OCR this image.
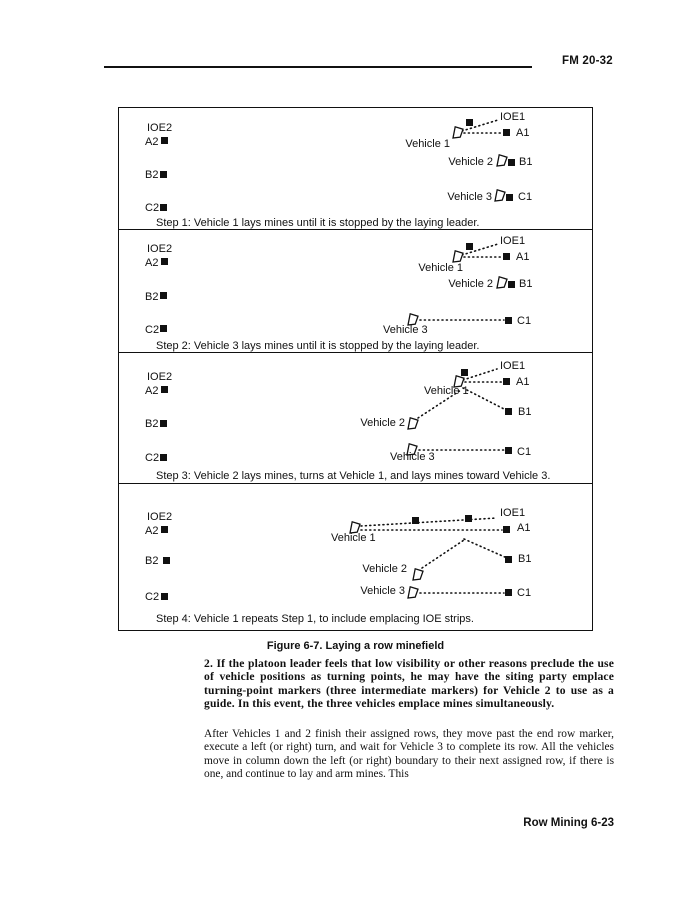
FM 20-32
IOE2
A2
B2
C2
IOE1
A1
Vehicle 1
Vehicle 2 B1
Vehicle 3 C1
Step 1: Vehicle 1 lays mines until it is stopped by the laying leader.
IOE2
A2
B2
C2
IOE1
A1
Vehicle 1
Vehicle 2 B1
Vehicle 3
C1
Step 2: Vehicle 3 lays mines until it is stopped by the laying leader.
IOE2
A2
B2
C2
IOE1
A1
Vehicle 1
Vehicle 2
B1
Vehicle 3	C1
Step 3: Vehicle 2 lays mines, turns at Vehicle 1, and lays mines toward Vehicle 3.
IOE2
A2
B2
C2
IOE1
A1
Vehicle 1
Vehicle 2
B1
Vehicle 3	C1
Step 4: Vehicle 1 repeats Step 1, to include emplacing IOE strips.
Figure 6-7. Laying a row minefield

2. If the platoon leader feels that low visibility or other reasons preclude the use of vehicle positions as turning points, he may have the siting party emplace turning-point markers (three intermediate markers) for Vehicle 2 to use as a guide. In this event, the three vehicles emplace mines simultaneously.

After Vehicles 1 and 2 finish their assigned rows, they move past the end row marker, execute a left (or right) turn, and wait for Vehicle 3 to complete its row. All the vehicles move in column down the left (or right) boundary to their next assigned row, if there is one, and continue to lay and arm mines. This

Row Mining 6-23
